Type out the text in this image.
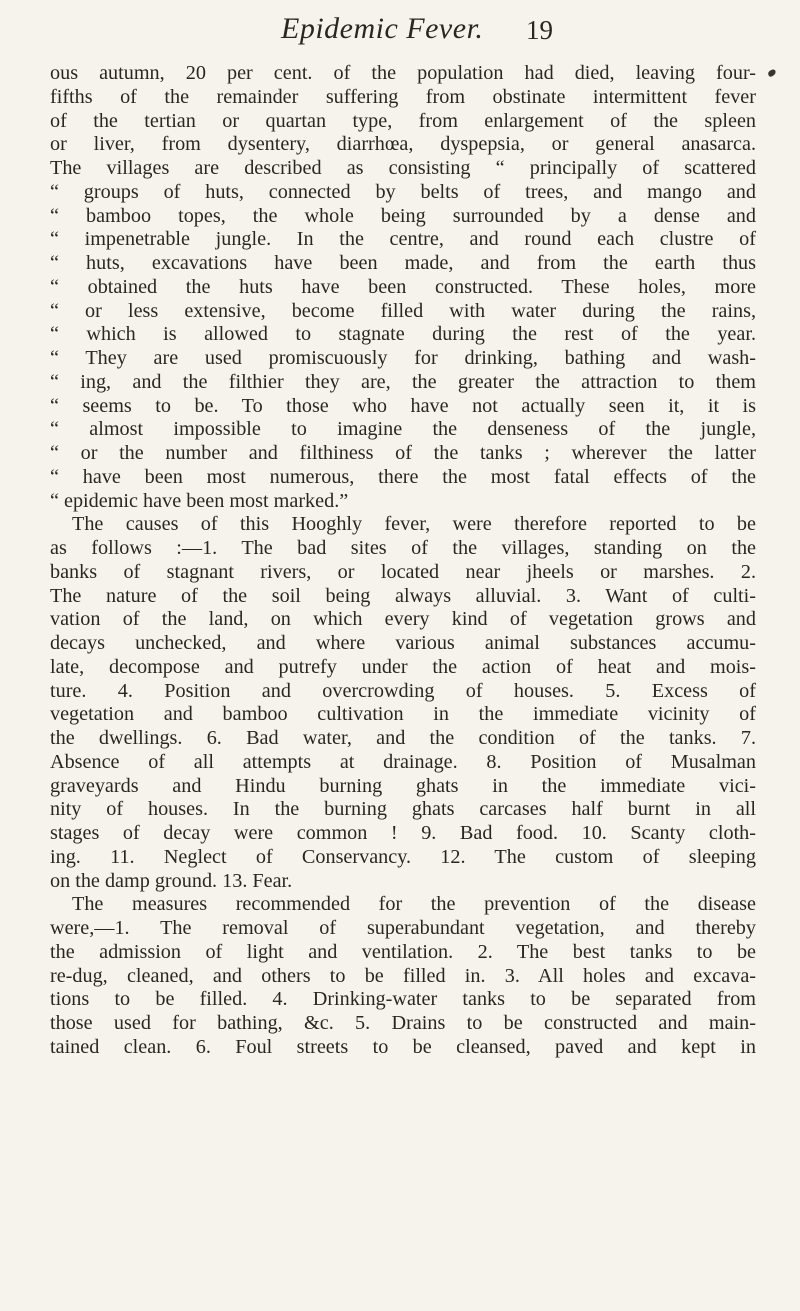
Epidemic Fever. 19
ous autumn, 20 per cent. of the population had died, leaving four-
fifths of the remainder suffering from obstinate intermittent fever
of the tertian or quartan type, from enlargement of the spleen
or liver, from dysentery, diarrhœa, dyspepsia, or general anasarca.
The villages are described as consisting “ principally of scattered
“ groups of huts, connected by belts of trees, and mango and
“ bamboo topes, the whole being surrounded by a dense and
“ impenetrable jungle. In the centre, and round each clustre of
“ huts, excavations have been made, and from the earth thus
“ obtained the huts have been constructed. These holes, more
“ or less extensive, become filled with water during the rains,
“ which is allowed to stagnate during the rest of the year.
“ They are used promiscuously for drinking, bathing and wash-
“ ing, and the filthier they are, the greater the attraction to them
“ seems to be. To those who have not actually seen it, it is
“ almost impossible to imagine the denseness of the jungle,
“ or the number and filthiness of the tanks ; wherever the latter
“ have been most numerous, there the most fatal effects of the
“ epidemic have been most marked.”
The causes of this Hooghly fever, were therefore reported to be
as follows :—1. The bad sites of the villages, standing on the
banks of stagnant rivers, or located near jheels or marshes. 2.
The nature of the soil being always alluvial. 3. Want of culti-
vation of the land, on which every kind of vegetation grows and
decays unchecked, and where various animal substances accumu-
late, decompose and putrefy under the action of heat and mois-
ture. 4. Position and overcrowding of houses. 5. Excess of
vegetation and bamboo cultivation in the immediate vicinity of
the dwellings. 6. Bad water, and the condition of the tanks. 7.
Absence of all attempts at drainage. 8. Position of Musalman
graveyards and Hindu burning ghats in the immediate vici-
nity of houses. In the burning ghats carcases half burnt in all
stages of decay were common ! 9. Bad food. 10. Scanty cloth-
ing. 11. Neglect of Conservancy. 12. The custom of sleeping
on the damp ground. 13. Fear.
The measures recommended for the prevention of the disease
were,—1. The removal of superabundant vegetation, and thereby
the admission of light and ventilation. 2. The best tanks to be
re-dug, cleaned, and others to be filled in. 3. All holes and excava-
tions to be filled. 4. Drinking-water tanks to be separated from
those used for bathing, &c. 5. Drains to be constructed and main-
tained clean. 6. Foul streets to be cleansed, paved and kept in
